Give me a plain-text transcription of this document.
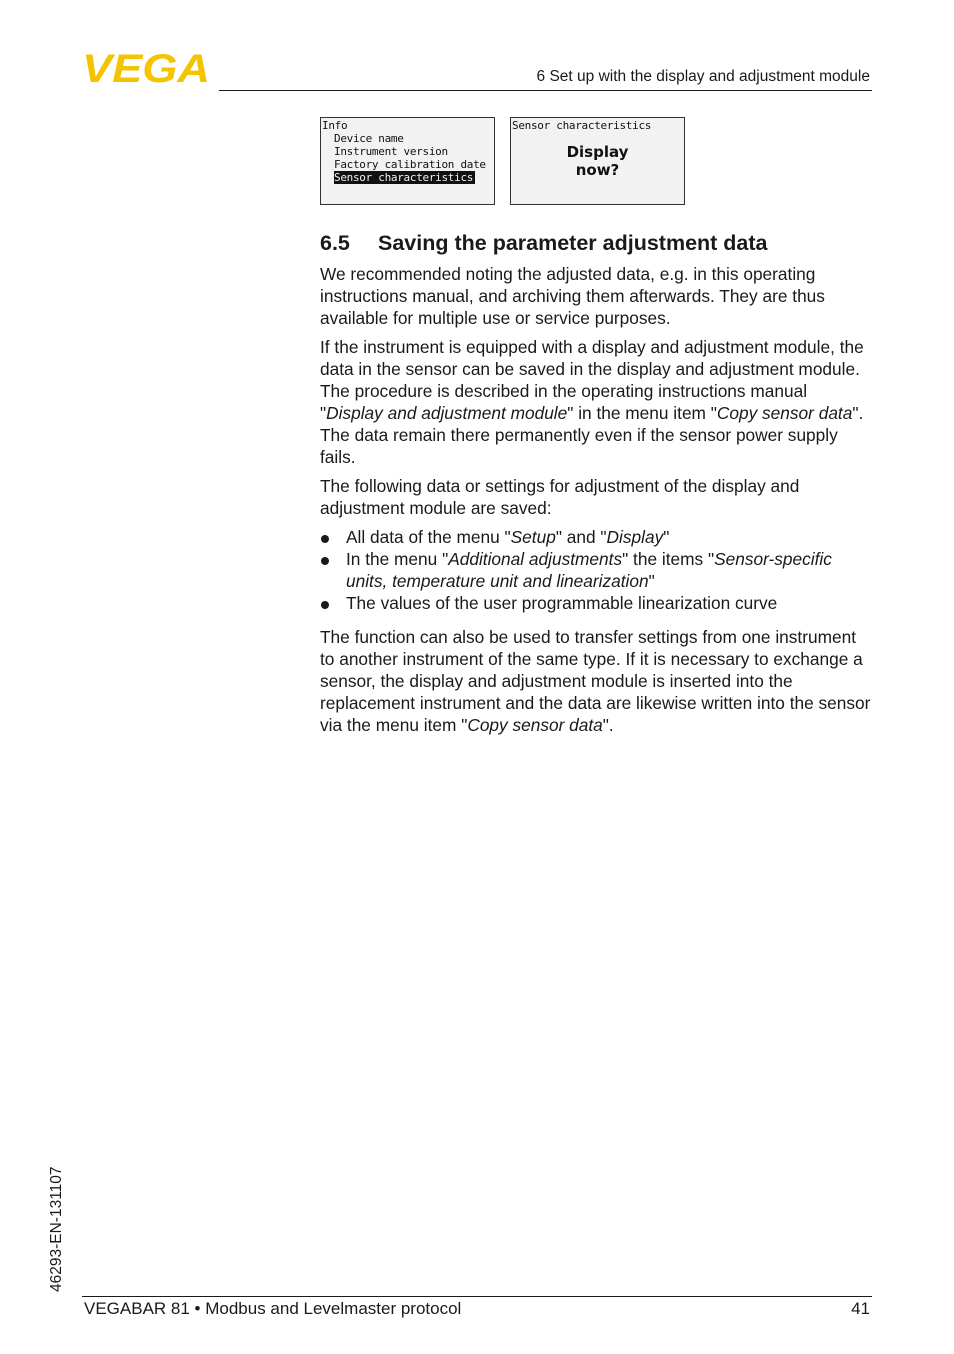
VEGA	6 Set up with the display and adjustment module
Info
Device name
Instrument version
Factory calibration date
Sensor characteristics
Sensor characteristics
Display
now?
6.5	Saving the parameter adjustment data

We recommended noting the adjusted data, e.g. in this operating instructions manual, and archiving them afterwards. They are thus available for multiple use or service purposes.

If the instrument is equipped with a display and adjustment module, the data in the sensor can be saved in the display and adjustment module. The procedure is described in the operating instructions manual "Display and adjustment module" in the menu item "Copy sensor data". The data remain there permanently even if the sensor power supply fails.

The following data or settings for adjustment of the display and adjustment module are saved:

All data of the menu "Setup" and "Display"
In the menu "Additional adjustments" the items "Sensor-specific units, temperature unit and linearization"
The values of the user programmable linearization curve

The function can also be used to transfer settings from one instrument to another instrument of the same type. If it is necessary to exchange a sensor, the display and adjustment module is inserted into the replacement instrument and the data are likewise written into the sensor via the menu item "Copy sensor data".

46293-EN-131107
VEGABAR 81 • Modbus and Levelmaster protocol	41
